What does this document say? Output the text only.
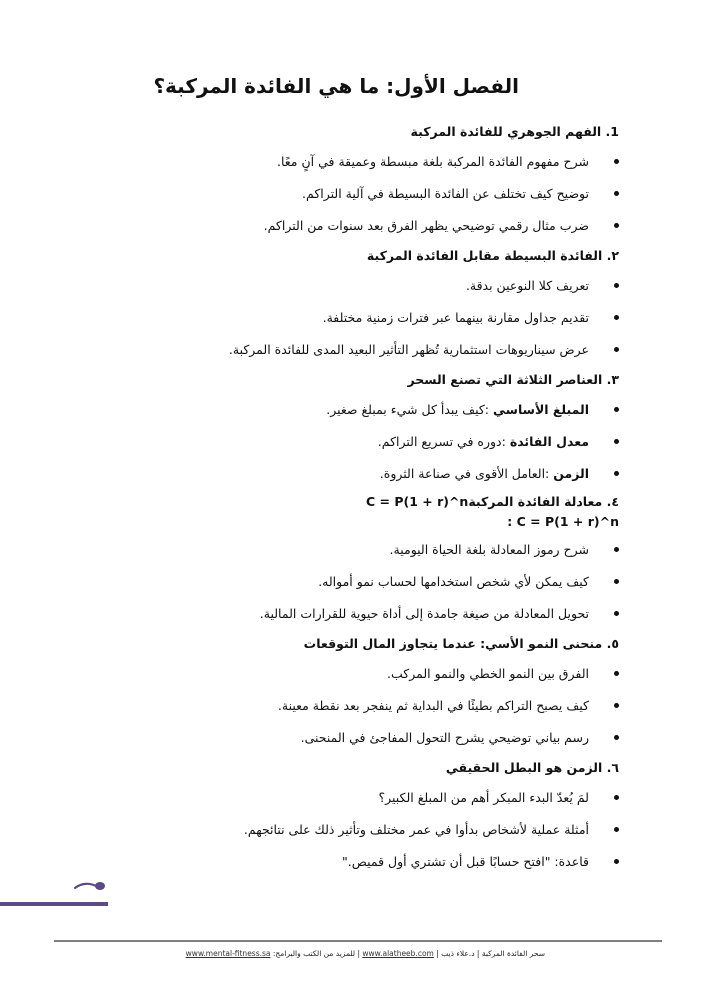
الفصل الأول: ما هي الفائدة المركبة؟
1. الفهم الجوهري للفائدة المركبة
شرح مفهوم الفائدة المركبة بلغة مبسطة وعميقة في آنٍ معًا.
توضيح كيف تختلف عن الفائدة البسيطة في آلية التراكم.
ضرب مثال رقمي توضيحي يظهر الفرق بعد سنوات من التراكم.
٢. الفائدة البسيطة مقابل الفائدة المركبة
تعريف كلا النوعين بدقة.
تقديم جداول مقارنة بينهما عبر فترات زمنية مختلفة.
عرض سيناريوهات استثمارية تُظهر التأثير البعيد المدى للفائدة المركبة.
٣. العناصر الثلاثة التي تصنع السحر
المبلغ الأساسي :كيف يبدأ كل شيء بمبلغ صغير.
معدل الفائدة :دوره في تسريع التراكم.
الزمن :العامل الأقوى في صناعة الثروة.
٤. معادلة الفائدة المركبةC = P(1 + r)^n
: C = P(1 + r)^n
شرح رموز المعادلة بلغة الحياة اليومية.
كيف يمكن لأي شخص استخدامها لحساب نمو أمواله.
تحويل المعادلة من صيغة جامدة إلى أداة حيوية للقرارات المالية.
٥. منحنى النمو الأسي: عندما يتجاوز المال التوقعات
الفرق بين النمو الخطي والنمو المركب.
كيف يصبح التراكم بطيئًا في البداية ثم ينفجر بعد نقطة معينة.
رسم بياني توضيحي يشرح التحول المفاجئ في المنحنى.
٦. الزمن هو البطل الحقيقي
لمَ يُعدّ البدء المبكر أهم من المبلغ الكبير؟
أمثلة عملية لأشخاص بدأوا في عمر مختلف وتأثير ذلك على نتائجهم.
قاعدة: "افتح حسابًا قبل أن تشتري أول قميص."
سحر الفائدة المركبة | د.علاء ذيب | www.alatheeb.com | للمزيد من الكتب والبرامج: www.mental-fitness.sa
